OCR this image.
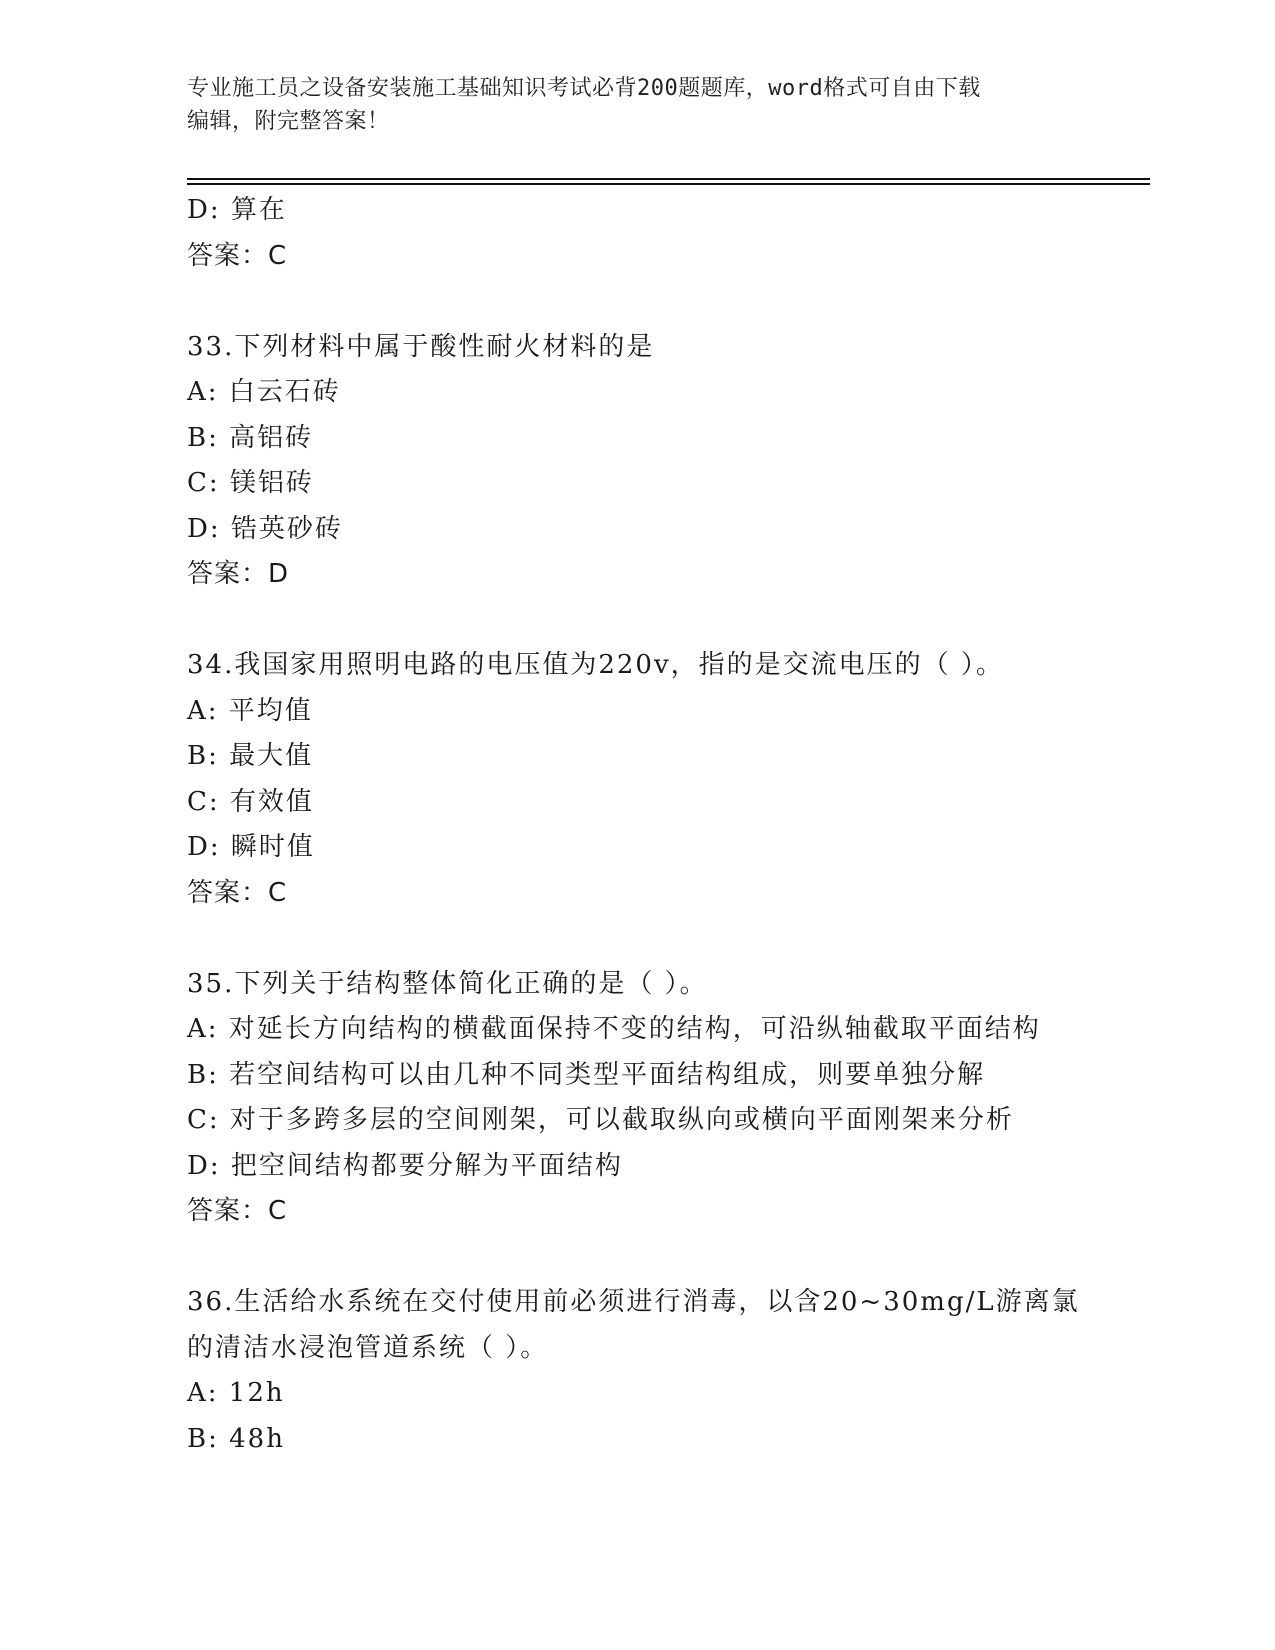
专业施工员之设备安装施工基础知识考试必背200题题库，word格式可自由下载
编辑，附完整答案！
D: 算在
答案：C
33.下列材料中属于酸性耐火材料的是
A: 白云石砖
B: 高铝砖
C: 镁铝砖
D: 锆英砂砖
答案：D
34.我国家用照明电路的电压值为220v，指的是交流电压的（ ）。
A: 平均值
B: 最大值
C: 有效值
D: 瞬时值
答案：C
35.下列关于结构整体简化正确的是（ ）。
A: 对延长方向结构的横截面保持不变的结构，可沿纵轴截取平面结构
B: 若空间结构可以由几种不同类型平面结构组成，则要单独分解
C: 对于多跨多层的空间刚架，可以截取纵向或横向平面刚架来分析
D: 把空间结构都要分解为平面结构
答案：C
36.生活给水系统在交付使用前必须进行消毒，以含20~30mg/L游离氯
的清洁水浸泡管道系统（ ）。
A: 12h
B: 48h
